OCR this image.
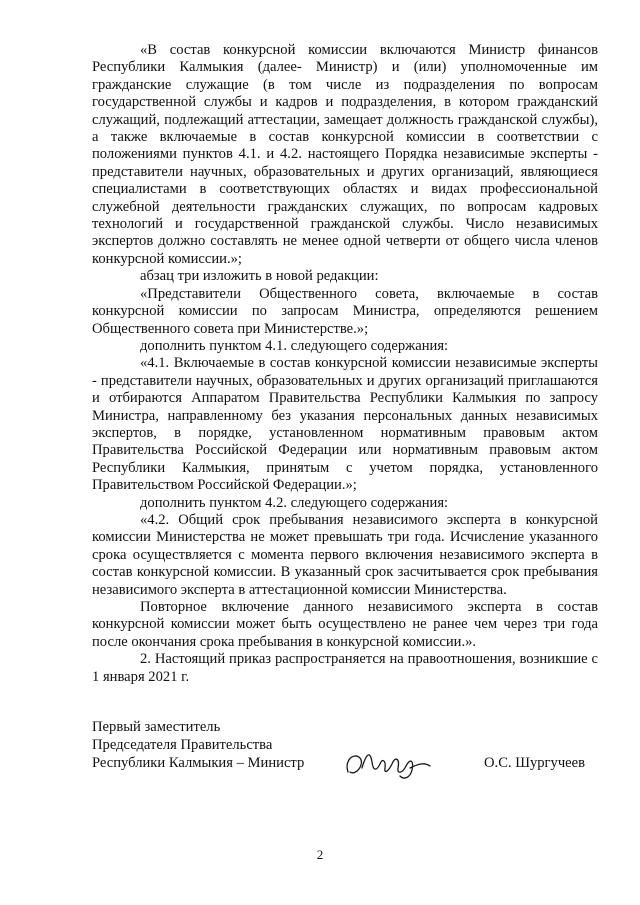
«В состав конкурсной комиссии включаются Министр финансов Республики Калмыкия (далее- Министр) и (или) уполномоченные им гражданские служащие (в том числе из подразделения по вопросам государственной службы и кадров и подразделения, в котором гражданский служащий, подлежащий аттестации, замещает должность гражданской службы), а также включаемые в состав конкурсной комиссии в соответствии с положениями пунктов 4.1. и 4.2. настоящего Порядка независимые эксперты - представители научных, образовательных и других организаций, являющиеся специалистами в соответствующих областях и видах профессиональной служебной деятельности гражданских служащих, по вопросам кадровых технологий и государственной гражданской службы. Число независимых экспертов должно составлять не менее одной четверти от общего числа членов конкурсной комиссии.»;

абзац три изложить в новой редакции:

«Представители Общественного совета, включаемые в состав конкурсной комиссии по запросам Министра, определяются решением Общественного совета при Министерстве.»;

дополнить пунктом 4.1. следующего содержания:

«4.1. Включаемые в состав конкурсной комиссии независимые эксперты - представители научных, образовательных и других организаций приглашаются и отбираются Аппаратом Правительства Республики Калмыкия по запросу Министра, направленному без указания персональных данных независимых экспертов, в порядке, установленном нормативным правовым актом Правительства Российской Федерации или нормативным правовым актом Республики Калмыкия, принятым с учетом порядка, установленного Правительством Российской Федерации.»;

дополнить пунктом 4.2. следующего содержания:

«4.2. Общий срок пребывания независимого эксперта в конкурсной комиссии Министерства не может превышать три года. Исчисление указанного срока осуществляется с момента первого включения независимого эксперта в состав конкурсной комиссии. В указанный срок засчитывается срок пребывания независимого эксперта в аттестационной комиссии Министерства.

Повторное включение данного независимого эксперта в состав конкурсной комиссии может быть осуществлено не ранее чем через три года после окончания срока пребывания в конкурсной комиссии.».

2. Настоящий приказ распространяется на правоотношения, возникшие с 1 января 2021 г.

Первый заместитель
Председателя Правительства
Республики Калмыкия – Министр	О.С. Шургучеев
2
